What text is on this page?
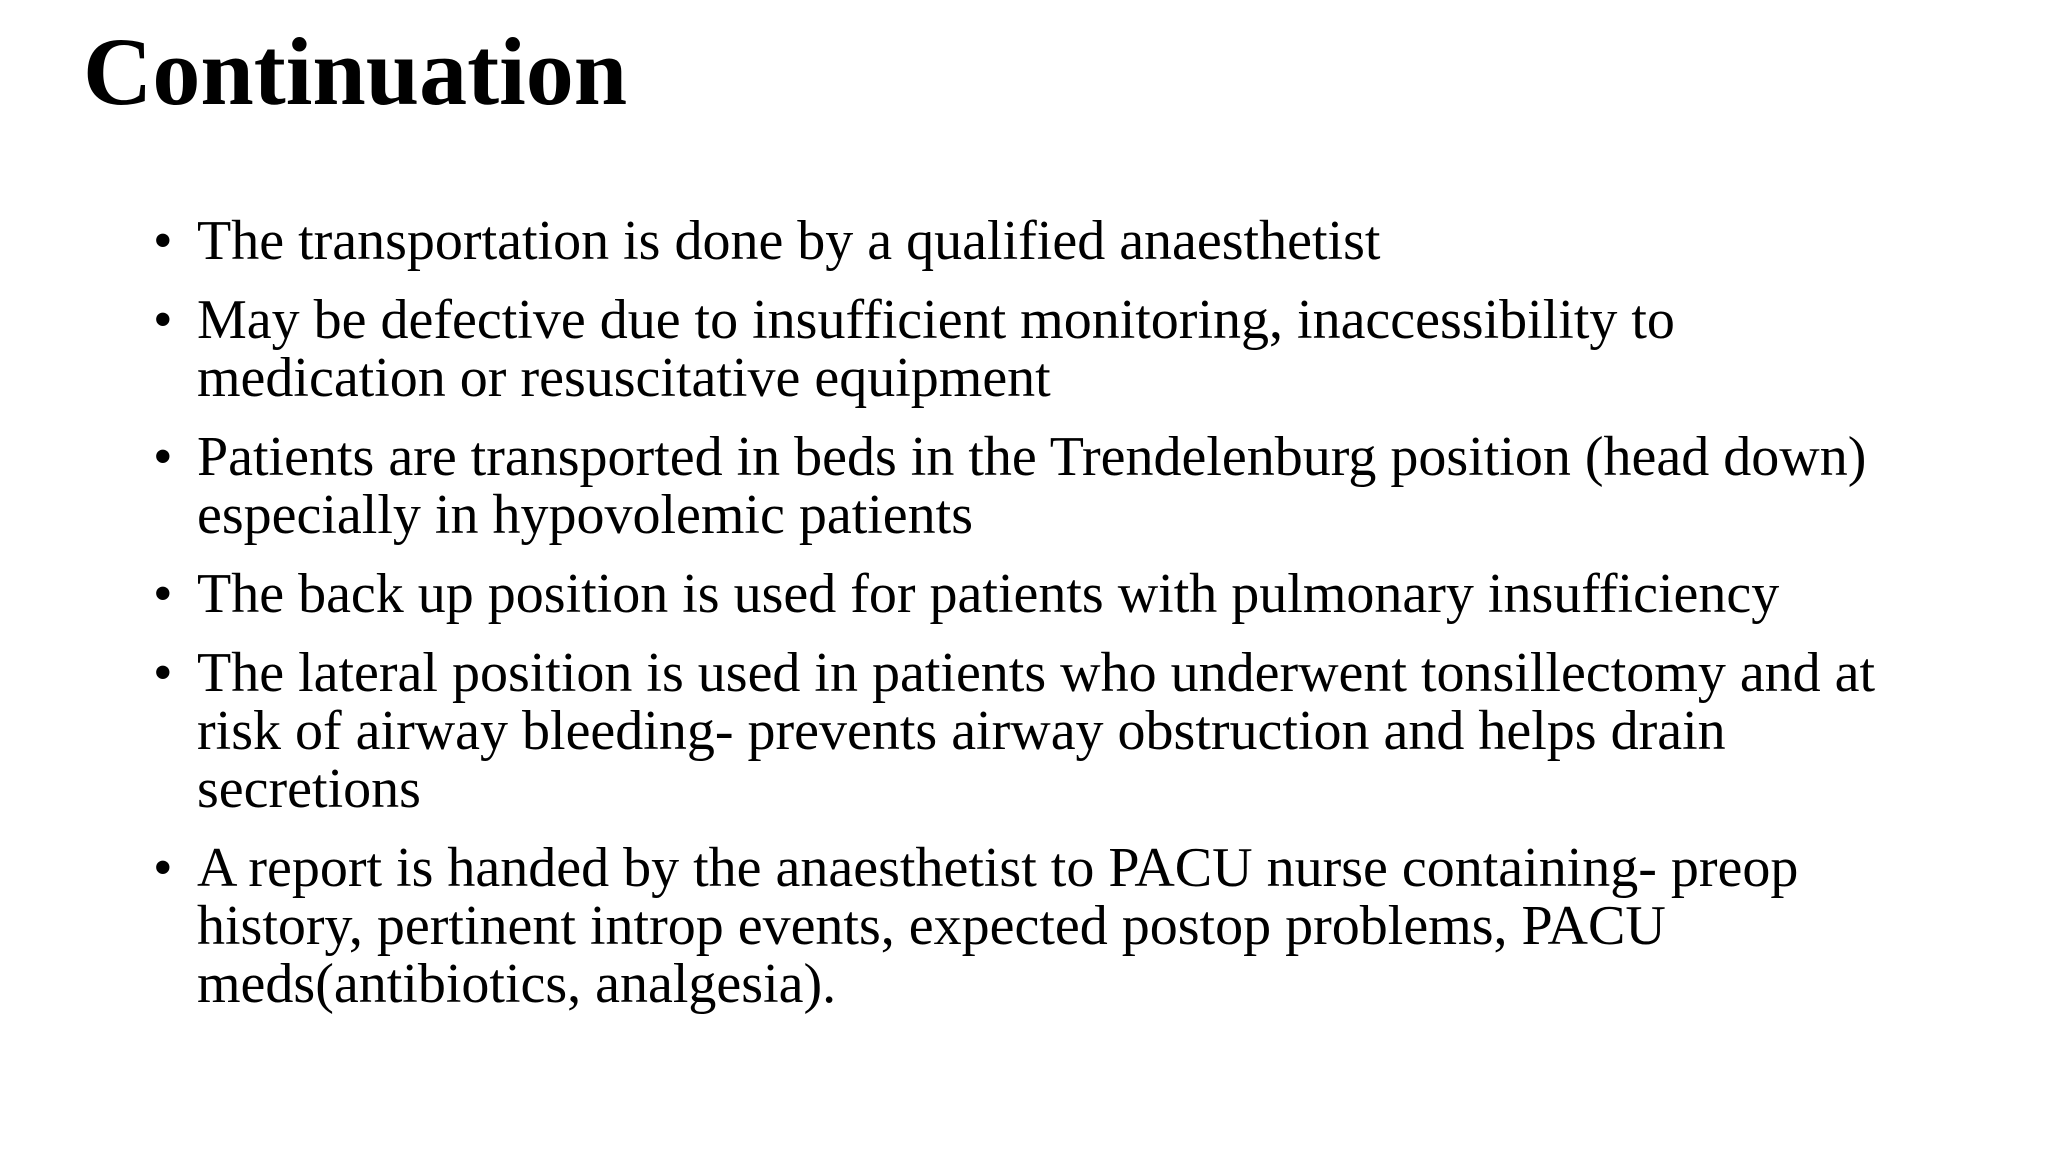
Continuation
• The transportation is done by a qualified anaesthetist
• May be defective due to insufficient monitoring, inaccessibility to medication or resuscitative equipment
• Patients are transported in beds in the Trendelenburg position (head down) especially in hypovolemic patients
• The back up position is used for patients with pulmonary insufficiency
• The lateral position is used in patients who underwent tonsillectomy and at risk of airway bleeding- prevents airway obstruction and helps drain secretions
• A report is handed by the anaesthetist to PACU nurse containing- preop history, pertinent introp events, expected postop problems, PACU meds(antibiotics, analgesia).
